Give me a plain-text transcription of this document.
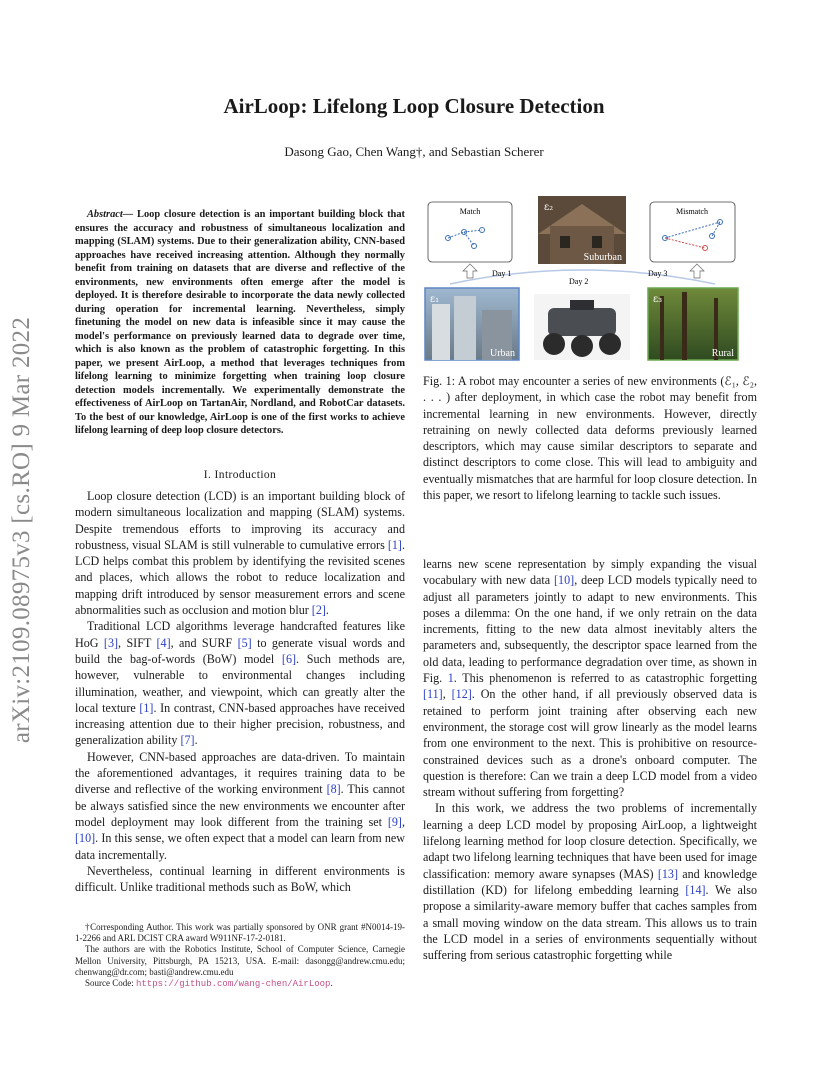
arXiv:2109.08975v3 [cs.RO] 9 Mar 2022
AirLoop: Lifelong Loop Closure Detection
Dasong Gao, Chen Wang†, and Sebastian Scherer
Abstract— Loop closure detection is an important building block that ensures the accuracy and robustness of simultaneous localization and mapping (SLAM) systems. Due to their generalization ability, CNN-based approaches have received increasing attention. Although they normally benefit from training on datasets that are diverse and reflective of the environments, new environments often emerge after the model is deployed. It is therefore desirable to incorporate the data newly collected during operation for incremental learning. Nevertheless, simply finetuning the model on new data is infeasible since it may cause the model's performance on previously learned data to degrade over time, which is also known as the problem of catastrophic forgetting. In this paper, we present AirLoop, a method that leverages techniques from lifelong learning to minimize forgetting when training loop closure detection models incrementally. We experimentally demonstrate the effectiveness of AirLoop on TartanAir, Nordland, and RobotCar datasets. To the best of our knowledge, AirLoop is one of the first works to achieve lifelong learning of deep loop closure detectors.
I. Introduction

Loop closure detection (LCD) is an important building block of modern simultaneous localization and mapping (SLAM) systems. Despite tremendous efforts to improving its accuracy and robustness, visual SLAM is still vulnerable to cumulative errors [1]. LCD helps combat this problem by identifying the revisited scenes and places, which allows the robot to reduce localization and mapping drift introduced by sensor measurement errors and scene abnormalities such as occlusion and motion blur [2].

Traditional LCD algorithms leverage handcrafted features like HoG [3], SIFT [4], and SURF [5] to generate visual words and build the bag-of-words (BoW) model [6]. Such methods are, however, vulnerable to environmental changes including illumination, weather, and viewpoint, which can greatly alter the local texture [1]. In contrast, CNN-based approaches have received increasing attention due to their higher precision, robustness, and generalization ability [7].

However, CNN-based approaches are data-driven. To maintain the aforementioned advantages, it requires training data to be diverse and reflective of the working environment [8]. This cannot be always satisfied since the new environments we encounter after model deployment may look different from the training set [9], [10]. In this sense, we often expect that a model can learn from new data incrementally.

Nevertheless, continual learning in different environments is difficult. Unlike traditional methods such as BoW, which

†Corresponding Author. This work was partially sponsored by ONR grant #N0014-19-1-2266 and ARL DCIST CRA award W911NF-17-2-0181.

The authors are with the Robotics Institute, School of Computer Science, Carnegie Mellon University, Pittsburgh, PA 15213, USA. E-mail: dasongg@andrew.cmu.edu; chenwang@dr.com; basti@andrew.cmu.edu

Source Code: https://github.com/wang-chen/AirLoop.

Match	Mismatch
ε₂
Suburban
Day 1
Day 2
Day 3
ε₁
Urban
ε₃
Rural
Fig. 1: A robot may encounter a series of new environments (ℰ₁, ℰ₂, . . . ) after deployment, in which case the robot may benefit from incremental learning in new environments. However, directly retraining on newly collected data deforms previously learned descriptors, which may cause similar descriptors to separate and distinct descriptors to come close. This will lead to ambiguity and eventually mismatches that are harmful for loop closure detection. In this paper, we resort to lifelong learning to tackle such issues.

learns new scene representation by simply expanding the visual vocabulary with new data [10], deep LCD models typically need to adjust all parameters jointly to adapt to new environments. This poses a dilemma: On the one hand, if we only retrain on the data increments, fitting to the new data almost inevitably alters the parameters and, subsequently, the descriptor space learned from the old data, leading to performance degradation over time, as shown in Fig. 1. This phenomenon is referred to as catastrophic forgetting [11], [12]. On the other hand, if all previously observed data is retained to perform joint training after observing each new environment, the storage cost will grow linearly as the model learns from one environment to the next. This is prohibitive on resource-constrained devices such as a drone's onboard computer. The question is therefore: Can we train a deep LCD model from a video stream without suffering from forgetting?

In this work, we address the two problems of incrementally learning a deep LCD model by proposing AirLoop, a lightweight lifelong learning method for loop closure detection. Specifically, we adapt two lifelong learning techniques that have been used for image classification: memory aware synapses (MAS) [13] and knowledge distillation (KD) for lifelong embedding learning [14]. We also propose a similarity-aware memory buffer that caches samples from a small moving window on the data stream. This allows us to train the LCD model in a series of environments sequentially without suffering from serious catastrophic forgetting while
